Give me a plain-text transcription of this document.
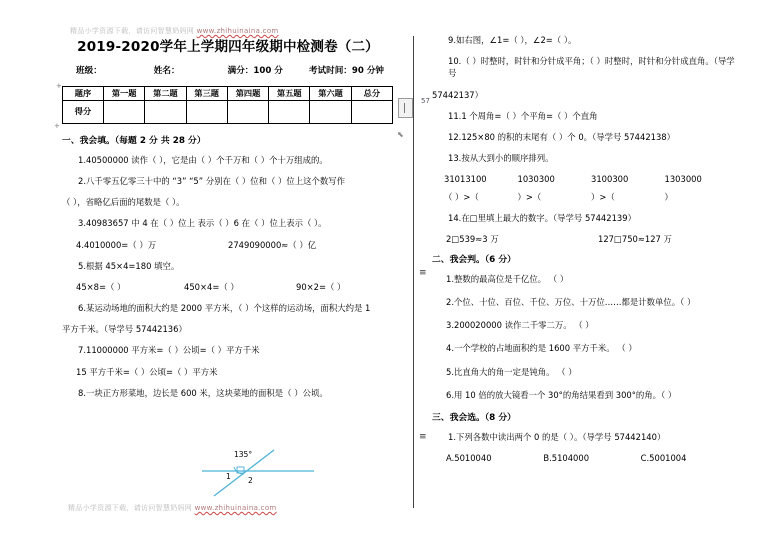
精品小学资源下载，请访问智慧奶妈网 www.zhihuinaina.com
+
+
⬉
57
≡
≡
2019-2020学年上学期四年级期中检测卷（二）
班级：	姓名：	满分：100 分	考试时间：90 分钟
题序	第一题	第二题	第三题	第四题	第五题	第六题	总分
得分							
一、我会填。（每题 2 分 共 28 分）
1.40500000 读作（ ），它是由（ ）个千万和（ ）个十万组成的。
2.八千零五亿零三十中的 “3” “5” 分别在（ ）位和（ ）位上这个数写作
（ ），省略亿后面的尾数是（ ）。
3.40983657 中 4 在（ ）位上 表示（ ）6 在（ ）位上表示（ ）。
4.4010000=（ ）万	2749090000≈（ ）亿
5.根据 45×4=180 填空。
45×8=（ ）	450×4=（ ）	90×2=（ ）
6.某运动场地的面积大约是 2000 平方米，（ ）个这样的运动场，面积大约是 1
平方千米。（导学号 57442136）
7.11000000 平方米=（ ）公顷=（ ）平方千米
15 平方千米=（ ）公顷=（ ）平方米
8.一块正方形菜地，边长是 600 米，这块菜地的面积是（ ）公顷。
135°
1 2
9.如右图，∠1=（ ），∠2=（ ）。
10.（ ）时整时，时针和分针成平角；（ ）时整时，时针和分针成直角。（导学号
57442137）
11.1 个周角=（ ）个平角=（ ）个直角
12.125×80 的积的末尾有（ ）个 0。（导学号 57442138）
13.按从大到小的顺序排列。
31013100	1030300	3100300	1303000
（ ）>（	）>（	）>（	）
14.在□里填上最大的数字。（导学号 57442139）
2□539≈3 万	127□750≈127 万
二、我会判。（6 分）
1.整数的最高位是千亿位。 （ ）
2.个位、十位、百位、千位、万位、十万位……都是计数单位。（ ）
3.200020000 读作二千零二万。 （ ）
4.一个学校的占地面积约是 1600 平方千米。 （ ）
5.比直角大的角一定是钝角。 （ ）
6.用 10 倍的放大镜看一个 30°的角结果看到 300°的角。（ ）
三、我会选。（8 分）
1.下列各数中读出两个 0 的是（ ）。（导学号 57442140）
A.5010040	B.5104000	C.5001004
精品小学资源下载，请访问智慧奶妈网 www.zhihuinaina.com
